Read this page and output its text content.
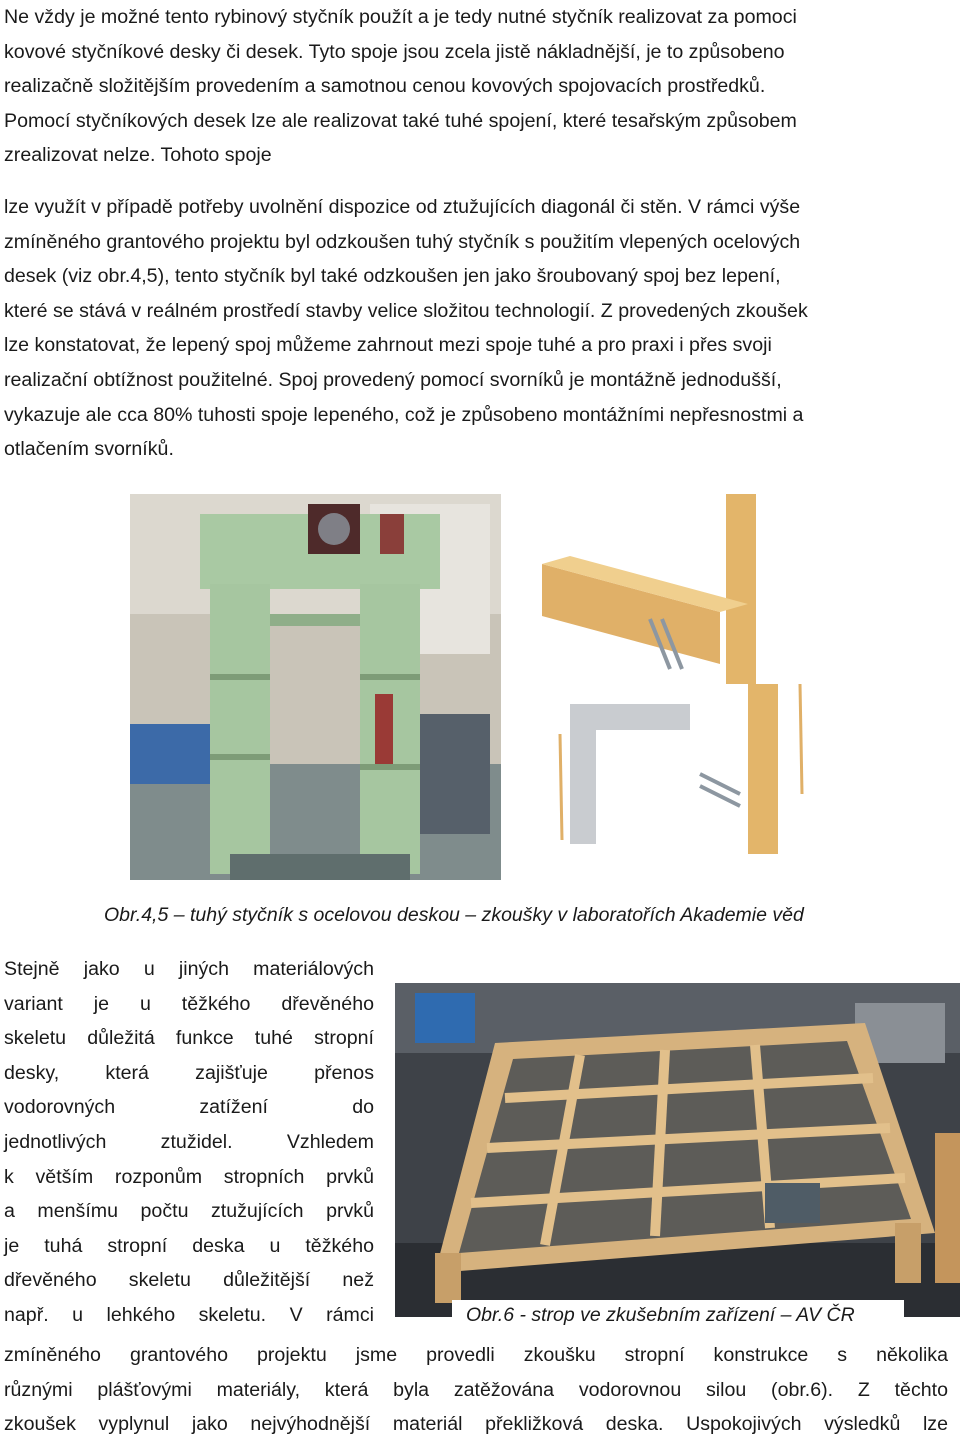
Ne vždy je možné tento rybinový styčník použít a je tedy nutné styčník realizovat za pomoci
kovové styčníkové desky či desek. Tyto spoje jsou zcela jistě nákladnější, je to způsobeno
realizačně složitějším provedením a samotnou cenou kovových spojovacích prostředků.
Pomocí styčníkových desek lze ale realizovat také tuhé spojení, které tesařským způsobem
zrealizovat nelze. Tohoto spoje

lze využít v případě potřeby uvolnění dispozice od ztužujících diagonál či stěn. V rámci výše
zmíněného grantového projektu byl odzkoušen tuhý styčník s použitím vlepených ocelových
desek (viz obr.4,5), tento styčník byl také odzkoušen jen jako šroubovaný spoj bez lepení,
které se stává v reálném prostředí stavby velice složitou technologií. Z provedených zkoušek
lze konstatovat, že lepený spoj můžeme zahrnout mezi spoje tuhé a pro praxi i přes svoji
realizační obtížnost použitelné. Spoj provedený pomocí svorníků je montážně jednodušší,
vykazuje ale cca 80% tuhosti spoje lepeného, což je způsobeno montážními nepřesnostmi a
otlačením svorníků.

Obr.4,5 – tuhý styčník s ocelovou deskou – zkoušky v laboratořích Akademie věd

Stejně jako u jiných materiálových
variant je u těžkého dřevěného
skeletu důležitá funkce tuhé stropní
desky, která zajišťuje přenos
vodorovných zatížení do
jednotlivých ztužidel. Vzhledem
k větším rozponům stropních prvků
a menšímu počtu ztužujících prvků
je tuhá stropní deska u těžkého
dřevěného skeletu důležitější než
např. u lehkého skeletu. V rámci	Obr.6 - strop ve zkušebním zařízení – AV ČR

zmíněného grantového projektu jsme provedli zkoušku stropní konstrukce s několika
různými plášťovými materiály, která byla zatěžována vodorovnou silou (obr.6). Z těchto
zkoušek vyplynul jako nejvýhodnější materiál překližková deska. Uspokojivých výsledků lze
